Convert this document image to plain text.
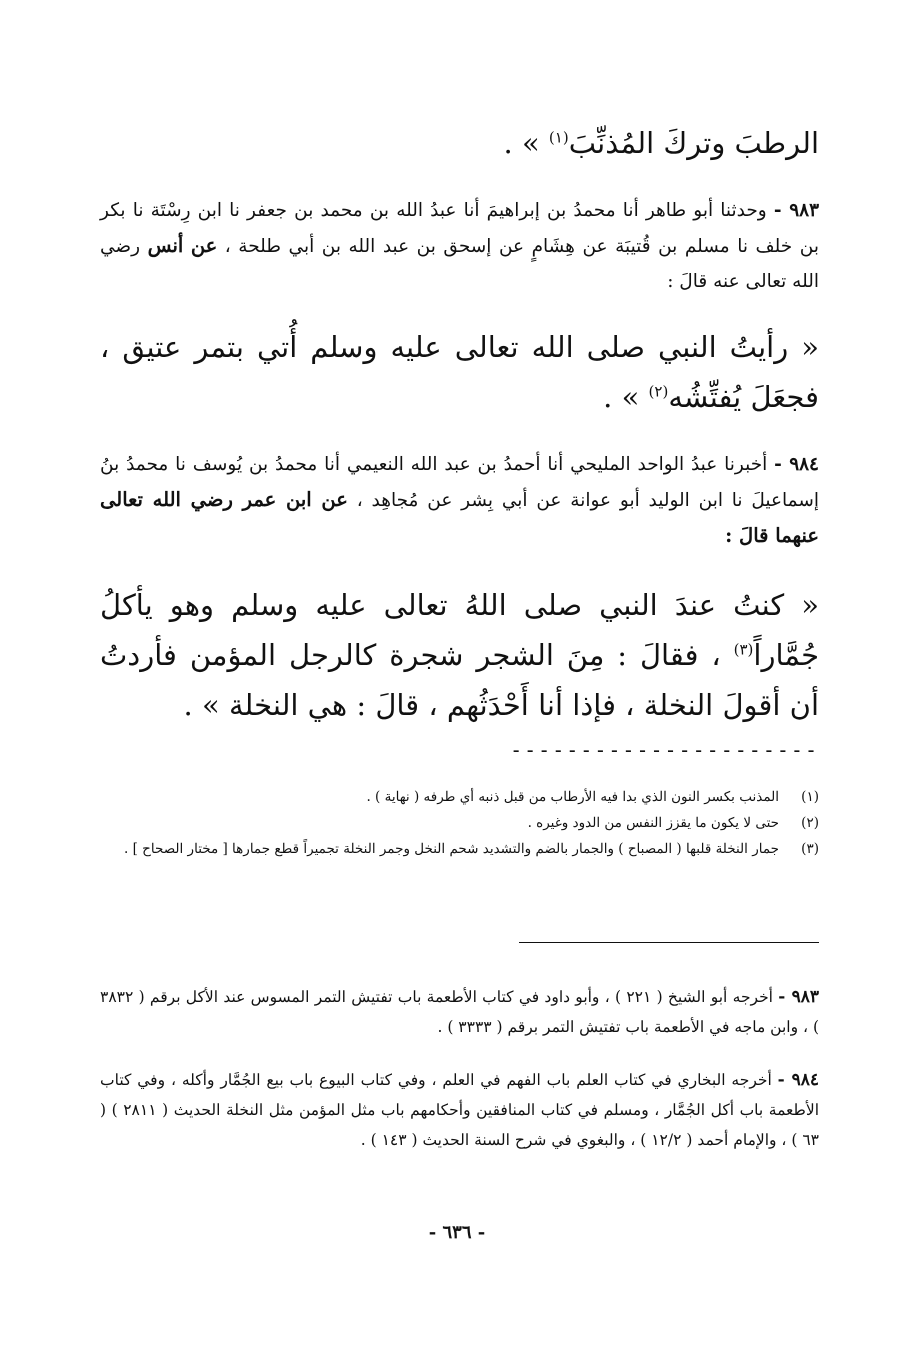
الرطبَ وتركَ المُذنِّبَ$^{(١)}$ » .
٩٨٣ - وحدثنا أبو طاهر أنا محمدُ بن إبراهيمَ أنا عبدُ الله بن محمد بن جعفر نا ابن رِسْتَة نا بكر بن خلف نا مسلم بن قُتيبَة عن هِشَامٍ عن إسحق بن عبد الله بن أبي طلحة ، عن أنس رضي الله تعالى عنه قالَ :
« رأيتُ النبي صلى الله تعالى عليه وسلم أُتي بتمر عتيق ، فجعَلَ يُفتِّشُه$^{(٢)}$ » .
٩٨٤ - أخبرنا عبدُ الواحد المليحي أنا أحمدُ بن عبد الله النعيمي أنا محمدُ بن يُوسف نا محمدُ بنُ إسماعيلَ نا ابن الوليد أبو عوانة عن أبي بِشر عن مُجاهِد ، عن ابن عمر رضي الله تعالى عنهما قالَ :
« كنتُ عندَ النبي صلى اللهُ تعالى عليه وسلم وهو يأكلُ جُمَّاراً$^{(٣)}$ ، فقالَ : مِنَ الشجر شجرة كالرجل المؤمن فأردتُ أن أقولَ النخلة ، فإذا أنا أَحْدَثُهم ، قالَ : هي النخلة » .
----------------------
(١)
المذنب بكسر النون الذي بدا فيه الأرطاب من قبل ذنبه أي طرفه ( نهاية ) .
(٢)
حتى لا يكون ما يقزز النفس من الدود وغيره .
(٣)
جمار النخلة قلبها ( المصباح ) والجمار بالضم والتشديد شحم النخل وجمر النخلة تجميراً قطع جمارها [ مختار الصحاح ] .
٩٨٣ - أخرجه أبو الشيخ ( ٢٢١ ) ، وأبو داود في كتاب الأطعمة باب تفتيش التمر المسوس عند الأكل برقم ( ٣٨٣٢ ) ، وابن ماجه في الأطعمة باب تفتيش التمر برقم ( ٣٣٣٣ ) .
٩٨٤ - أخرجه البخاري في كتاب العلم باب الفهم في العلم ، وفي كتاب البيوع باب بيع الجُمَّار وأكله ، وفي كتاب الأطعمة باب أكل الجُمَّار ، ومسلم في كتاب المنافقين وأحكامهم باب مثل المؤمن مثل النخلة الحديث ( ٢٨١١ ) ( ٦٣ ) ، والإمام أحمد ( ١٢/٢ ) ، والبغوي في شرح السنة الحديث ( ١٤٣ ) .
- ٦٣٦ -
